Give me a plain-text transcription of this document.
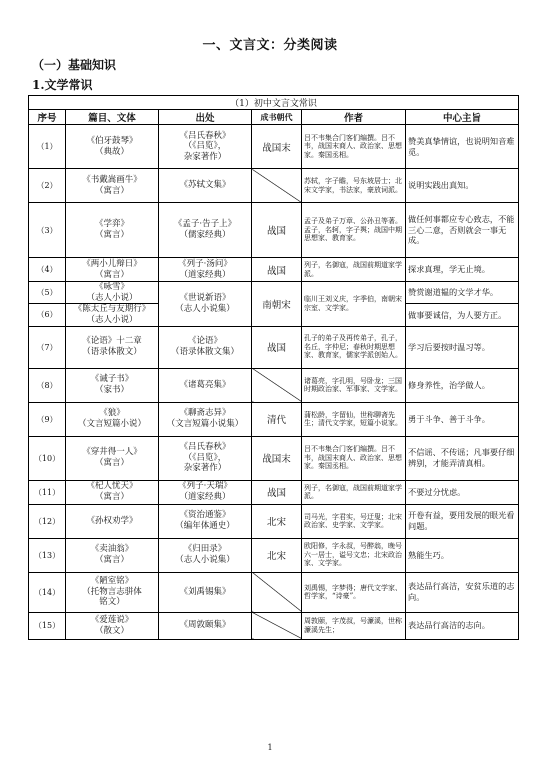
一、文言文：分类阅读
（一）基础知识
1.文学常识
（1）初中文言文常识					
序号	篇目、文体	出处	成书朝代	作者	中心主旨
（1）	《伯牙鼓琴》
（典故）	《吕氏春秋》
（《吕览》，
杂家著作）	战国末	吕不韦集合门客们编撰。吕不韦，战国末商人、政治家、思想家。秦国丞相。	赞美真挚情谊，也说明知音难觅。
（2）	《书戴嵩画牛》
（寓言）	《苏轼文集》		苏轼，字子瞻，号东坡居士；北宋文学家，书法家，豪放词派。	说明实践出真知。
（3）	《学弈》
（寓言）	《孟子·告子上》
（儒家经典）	战国	孟子及弟子万章、公孙丑等著。孟子，名轲，字子舆；战国中期思想家、教育家。	做任何事都应专心致志，不能三心二意，否则就会一事无成。
（4）	《两小儿辩日》
（寓言）	《列子·汤问》
（道家经典）	战国	列子，名御寇，战国前期道家学派。	探求真理，学无止境。
（5）	《咏雪》
（志人小说）	《世说新语》
（志人小说集）	南朝宋	临川王刘义庆，字季伯，南朝宋宗室、文学家。	赞赏谢道韫的文学才华。
（6）	《陈太丘与友期行》
（志人小说）				做事要诚信，为人要方正。
（7）	《论语》十二章
（语录体散文）	《论语》
（语录体散文集）	战国	孔子的弟子及再传弟子，孔子，名丘，字仲尼；春秋时期思想家、教育家，儒家学派创始人。	学习后要按时温习等。
（8）	《诫子书》
（家书）	《诸葛亮集》		诸葛亮，字孔明，号卧龙；三国时期政治家、军事家、文学家。	修身养性，治学做人。
（9）	《狼》
（文言短篇小说）	《聊斋志异》
（文言短篇小说集）	清代	蒲松龄，字留仙，世称聊斋先生；清代文学家，短篇小说家。	勇于斗争、善于斗争。
（10）	《穿井得一人》
（寓言）	《吕氏春秋》
（《吕览》，
杂家著作）	战国末	吕不韦集合门客们编撰。吕不韦，战国末商人、政治家、思想家。秦国丞相。	不信谣、不传谣；凡事要仔细辨别，才能弄清真相。
（11）	《杞人忧天》
（寓言）	《列子·天瑞》
（道家经典）	战国	列子，名御寇，战国前期道家学派。	不要过分忧虑。
（12）	《孙权劝学》	《资治通鉴》
（编年体通史）	北宋	司马光，字君实，号迂叟；北宋政治家、史学家、文学家。	开卷有益，要用发展的眼光看问题。
（13）	《卖油翁》
（寓言）	《归田录》
（志人小说集）	北宋	欧阳修，字永叔，号醉翁，晚号六一居士，谥号文忠；北宋政治家、文学家。	熟能生巧。
（14）	《陋室铭》
（托物言志骈体
铭文）	《刘禹锡集》		刘禹锡，字梦得；唐代文学家、哲学家，“诗豪”。	表达品行高洁，安贫乐道的志向。
（15）	《爱莲说》
（散文）	《周敦颐集》		周敦颐，字茂叔，号濂溪，世称濂溪先生；	表达品行高洁的志向。
1
